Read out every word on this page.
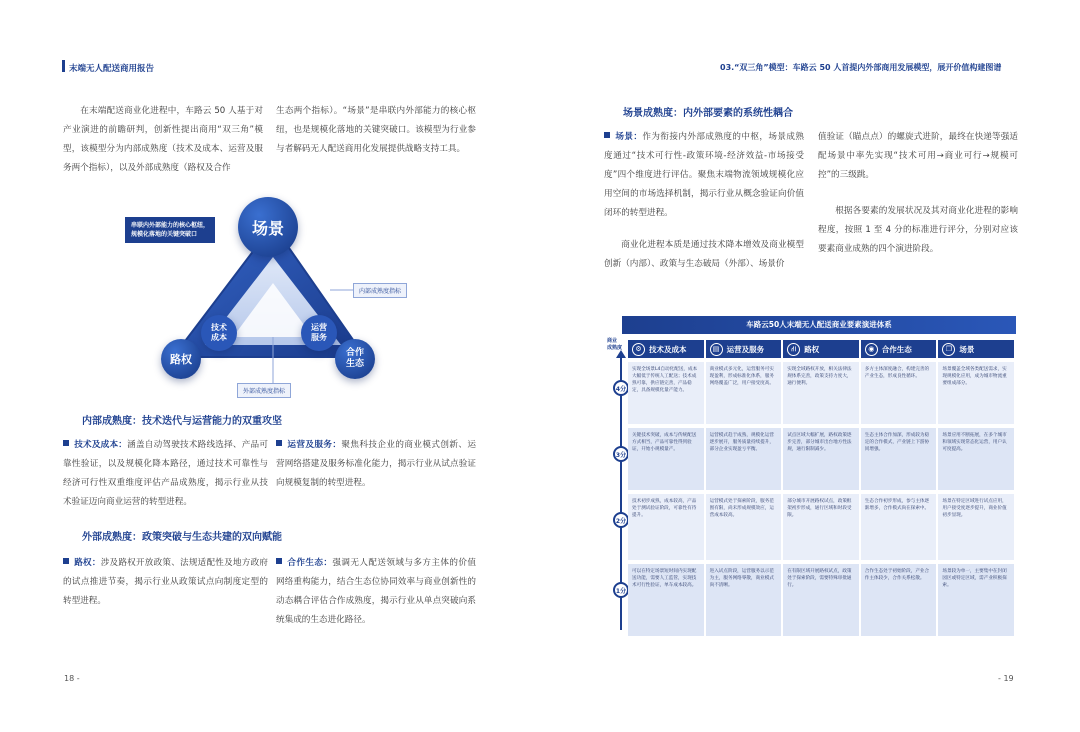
末端无人配送商用报告
在末端配送商业化进程中，车路云 50 人基于对产业演进的前瞻研判，创新性提出商用“双三角”模型，该模型分为内部成熟度（技术及成本、运营及服务两个指标），以及外部成熟度（路权及合作
生态两个指标）。“场景”是串联内外部能力的核心枢纽，也是规模化落地的关键突破口。该模型为行业参与者解码无人配送商用化发展提供战略支持工具。
场景
路权	合作
生态
技术
成本
运营
服务
串联内外部能力的核心枢纽，
规模化落地的关键突破口
内部成熟度指标
外部成熟度指标
内部成熟度：技术迭代与运营能力的双重攻坚
技术及成本：涵盖自动驾驶技术路线选择、产品可靠性验证，以及规模化降本路径，通过技术可靠性与经济可行性双重维度评估产品成熟度，揭示行业从技术验证迈向商业运营的转型进程。
运营及服务：聚焦科技企业的商业模式创新、运营网络搭建及服务标准化能力，揭示行业从试点验证向规模复制的转型进程。
外部成熟度：政策突破与生态共建的双向赋能
路权：涉及路权开放政策、法规适配性及地方政府的试点推进节奏，揭示行业从政策试点向制度定型的转型进程。
合作生态：强调无人配送领域与多方主体的价值网络重构能力，结合生态位协同效率与商业创新性的动态耦合评估合作成熟度，揭示行业从单点突破向系统集成的生态进化路径。
18 -
03.“双三角”模型：车路云 50 人首提内外部商用发展模型，展开价值构建图谱
场景成熟度：内外部要素的系统性耦合
场景：作为衔接内外部成熟度的中枢，场景成熟度通过“技术可行性-政策环境-经济效益-市场接受度”四个维度进行评估。聚焦末端物流领域规模化应用空间的市场选择机制，揭示行业从概念验证向价值闭环的转型进程。
商业化进程本质是通过技术降本增效及商业模型创新（内部）、政策与生态破局（外部）、场景价
值验证（瞄点点）的螺旋式进阶，最终在快递等强适配场景中率先实现“技术可用→商业可行→规模可控”的三级跳。
根据各要素的发展状况及其对商业化进程的影响程度，按照 1 至 4 分的标准进行评分，分别对应该要素商业成熟的四个演进阶段。
车路云50人末端无人配送商业要素演进体系
商业
成熟度	⚙ 技术及成本	▤ 运营及服务	⛙	路权	◉ 合作生态	❐ 场景
4分
实现全场景L4自动化配送，成本大幅低于传统人工配送；技术成熟可靠，供应链完善，产品稳定，具备规模化量产能力。
商业模式多元化，运营服务可实现盈利，形成标准化体系，服务网络覆盖广泛，用户接受度高。
实现全域路权开放，相关法律法规体系完善，政策支持力度大，通行便利。
多方主体深度融合，构建完善的产业生态，形成良性循环。
场景覆盖全域各类配送需求，实现规模化应用，成为城市物流重要组成部分。
3分
关键技术突破，成本与传统配送方式相当，产品可靠性得到验证，开始小规模量产。
运营模式趋于成熟，规模化运营逐步展开，服务质量持续提升，部分企业实现盈亏平衡。
试点区域大幅扩展，路权政策逐步完善，部分城市出台地方性法规，通行限制减少。
生态主体合作加深，形成较为稳定的合作模式，产业链上下游协同增强。
场景应用不断拓展，在多个城市和领域实现常态化运营，用户认可度提高。
2分
技术初步成熟，成本较高，产品处于测试验证阶段，可靠性有待提升。
运营模式处于探索阶段，服务范围有限，尚未形成规模效应，运营成本较高。
部分城市开展路权试点，政策框架初步形成，通行区域和时段受限。
生态合作初步形成，参与主体逐渐增多，合作模式尚在探索中。
场景在特定区域进行试点应用，用户接受度逐步提升，商业价值初步显现。
1分
可以在特定场景短时间内实现配送功能，需要人工监管，实现技术可行性验证，单车成本较高。
进入试点阶段，运营服务以示范为主，服务网络零散，商业模式尚不清晰。
在有限区域开展路权试点，政策处于探索阶段，需要特殊审批通行。
合作生态处于初始阶段，产业合作主体较少，合作关系松散。
场景较为单一，主要集中在封闭园区或特定区域，需产业积极探索。
- 19
